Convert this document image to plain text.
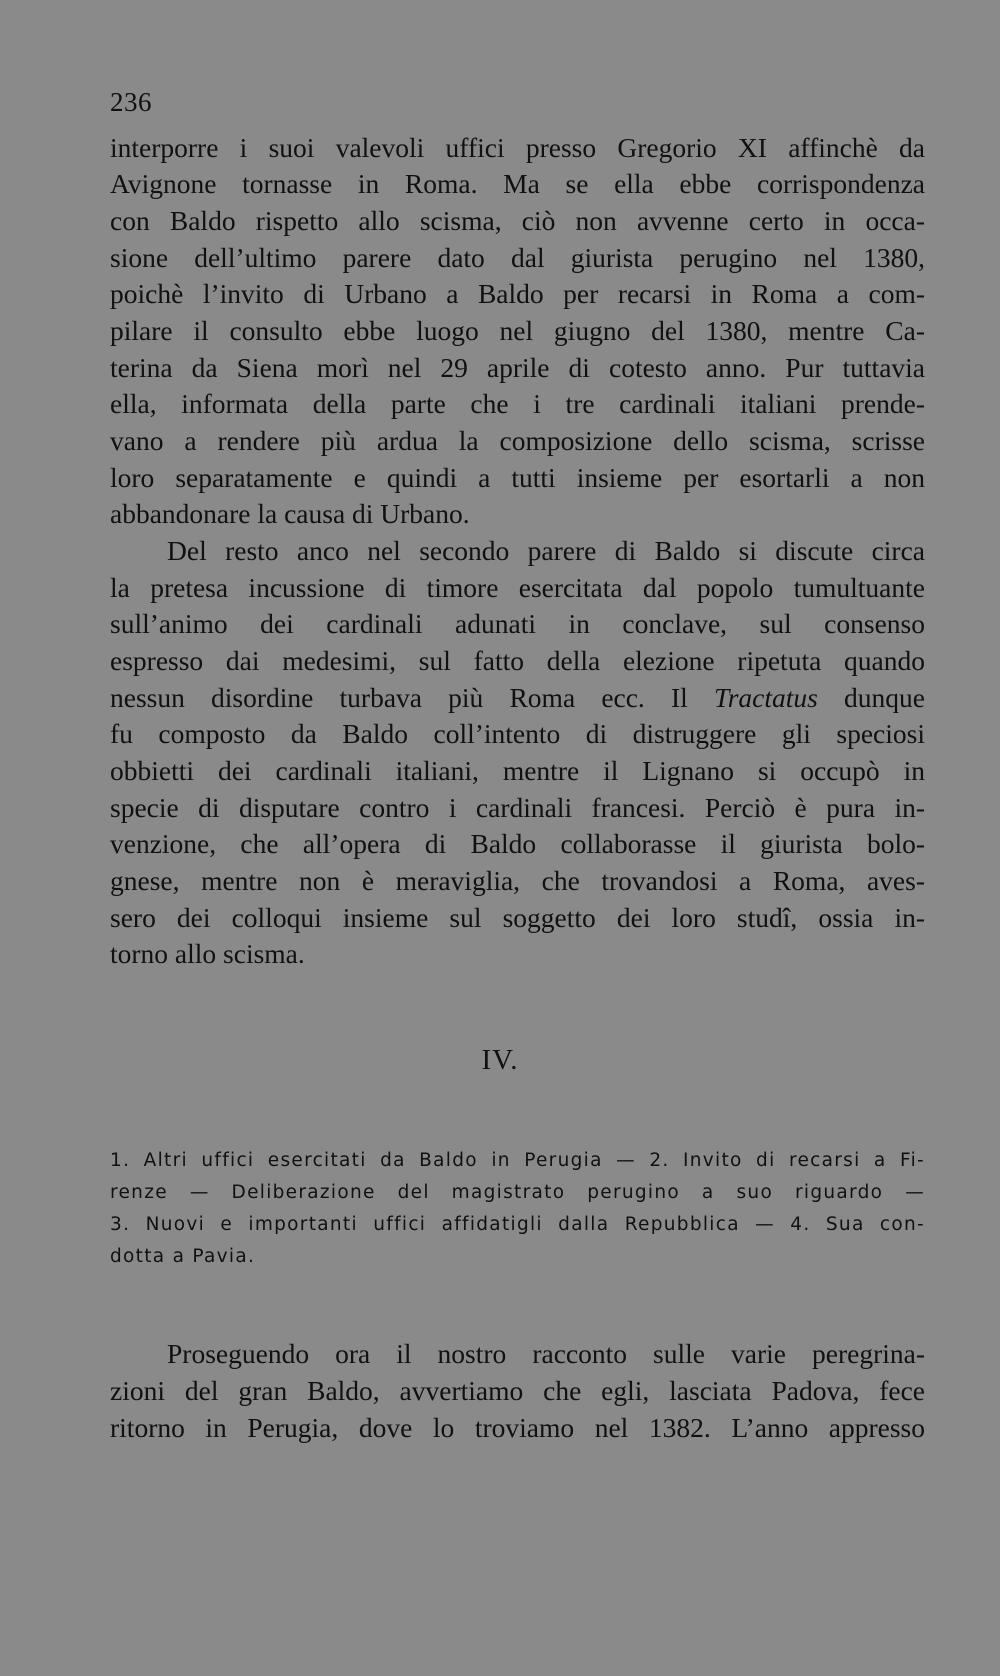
236
interporre i suoi valevoli uffici presso Gregorio XI affinchè da
Avignone tornasse in Roma. Ma se ella ebbe corrispondenza
con Baldo rispetto allo scisma, ciò non avvenne certo in occa-
sione dell’ultimo parere dato dal giurista perugino nel 1380,
poichè l’invito di Urbano a Baldo per recarsi in Roma a com-
pilare il consulto ebbe luogo nel giugno del 1380, mentre Ca-
terina da Siena morì nel 29 aprile di cotesto anno. Pur tuttavia
ella, informata della parte che i tre cardinali italiani prende-
vano a rendere più ardua la composizione dello scisma, scrisse
loro separatamente e quindi a tutti insieme per esortarli a non
abbandonare la causa di Urbano.
Del resto anco nel secondo parere di Baldo si discute circa
la pretesa incussione di timore esercitata dal popolo tumultuante
sull’animo dei cardinali adunati in conclave, sul consenso
espresso dai medesimi, sul fatto della elezione ripetuta quando
nessun disordine turbava più Roma ecc. Il Tractatus dunque
fu composto da Baldo coll’intento di distruggere gli speciosi
obbietti dei cardinali italiani, mentre il Lignano si occupò in
specie di disputare contro i cardinali francesi. Perciò è pura in-
venzione, che all’opera di Baldo collaborasse il giurista bolo-
gnese, mentre non è meraviglia, che trovandosi a Roma, aves-
sero dei colloqui insieme sul soggetto dei loro studî, ossia in-
torno allo scisma.
IV.
1. Altri uffici esercitati da Baldo in Perugia — 2. Invito di recarsi a Fi-
renze — Deliberazione del magistrato perugino a suo riguardo —
3. Nuovi e importanti uffici affidatigli dalla Repubblica — 4. Sua con-
dotta a Pavia.
Proseguendo ora il nostro racconto sulle varie peregrina-
zioni del gran Baldo, avvertiamo che egli, lasciata Padova, fece
ritorno in Perugia, dove lo troviamo nel 1382. L’anno appresso
